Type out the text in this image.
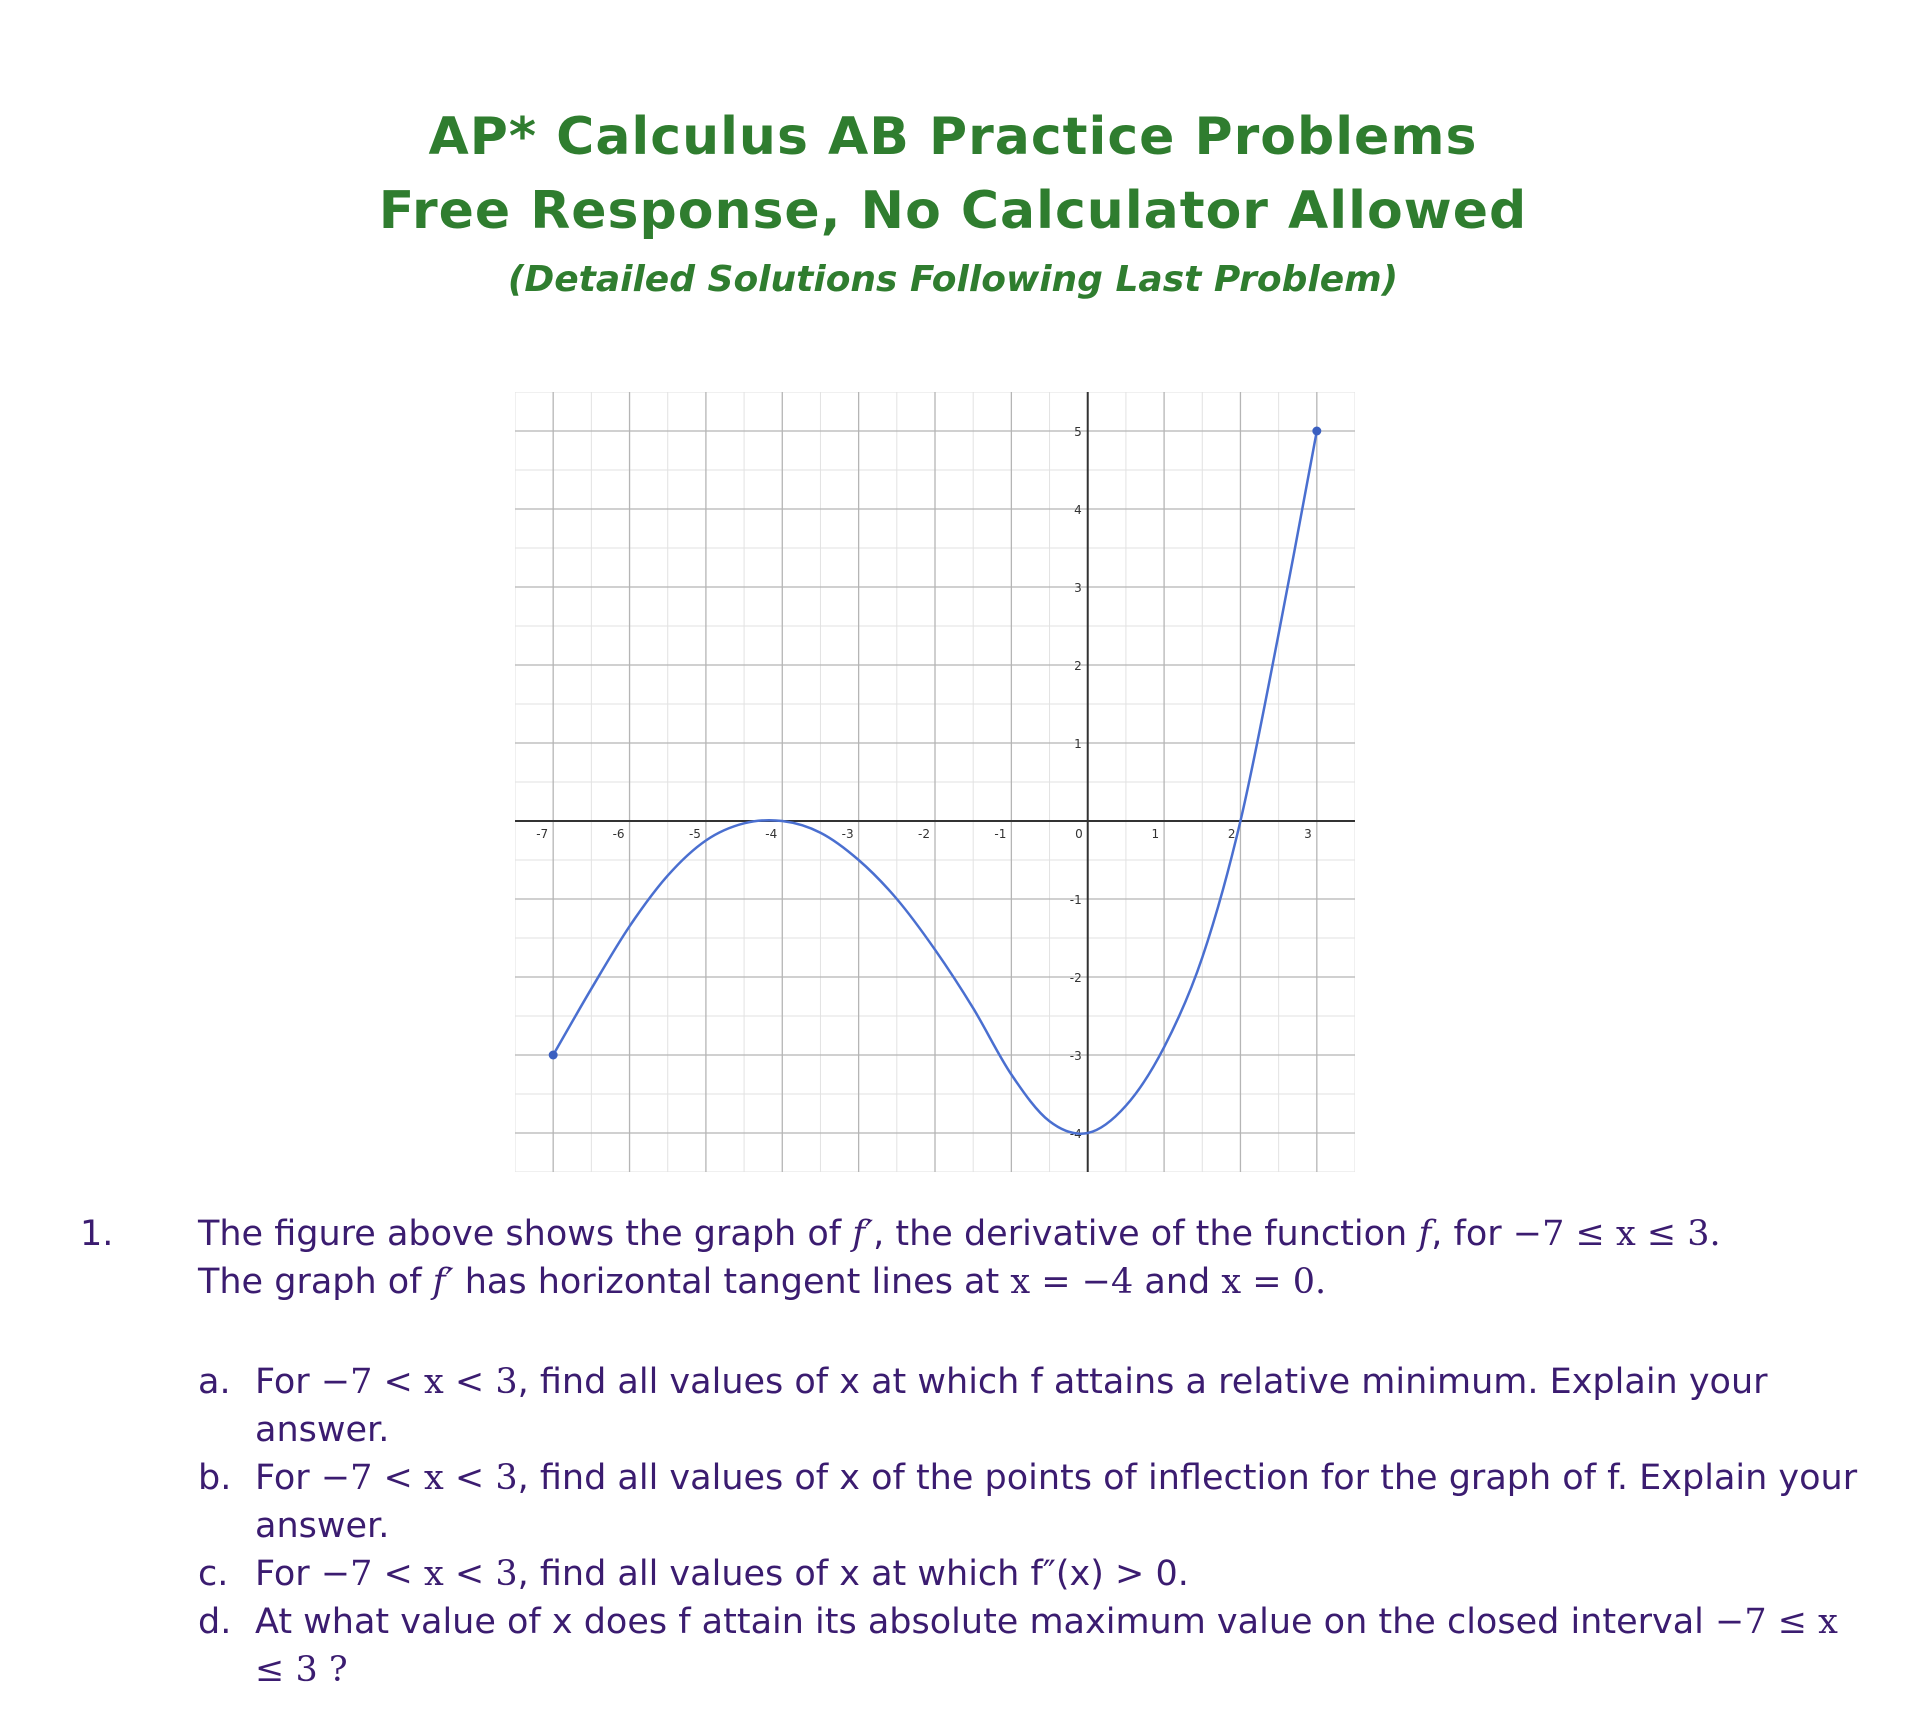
AP* Calculus AB Practice Problems
Free Response, No Calculator Allowed
(Detailed Solutions Following Last Problem)
-7	-6	-5	-4	-3	-2	-1	0	1	2	3
-4
-3
-2
-1
1
2
3
4
5
1. The figure above shows the graph of f′, the derivative of the function f, for −7 ≤ x ≤ 3.
The graph of f′ has horizontal tangent lines at x = −4 and x = 0.
a. For −7 < x < 3, find all values of x at which f attains a relative minimum. Explain your answer.
b. For −7 < x < 3, find all values of x of the points of inflection for the graph of f. Explain your answer.
c. For −7 < x < 3, find all values of x at which f″(x) > 0.
d. At what value of x does f attain its absolute maximum value on the closed interval −7 ≤ x ≤ 3 ?
